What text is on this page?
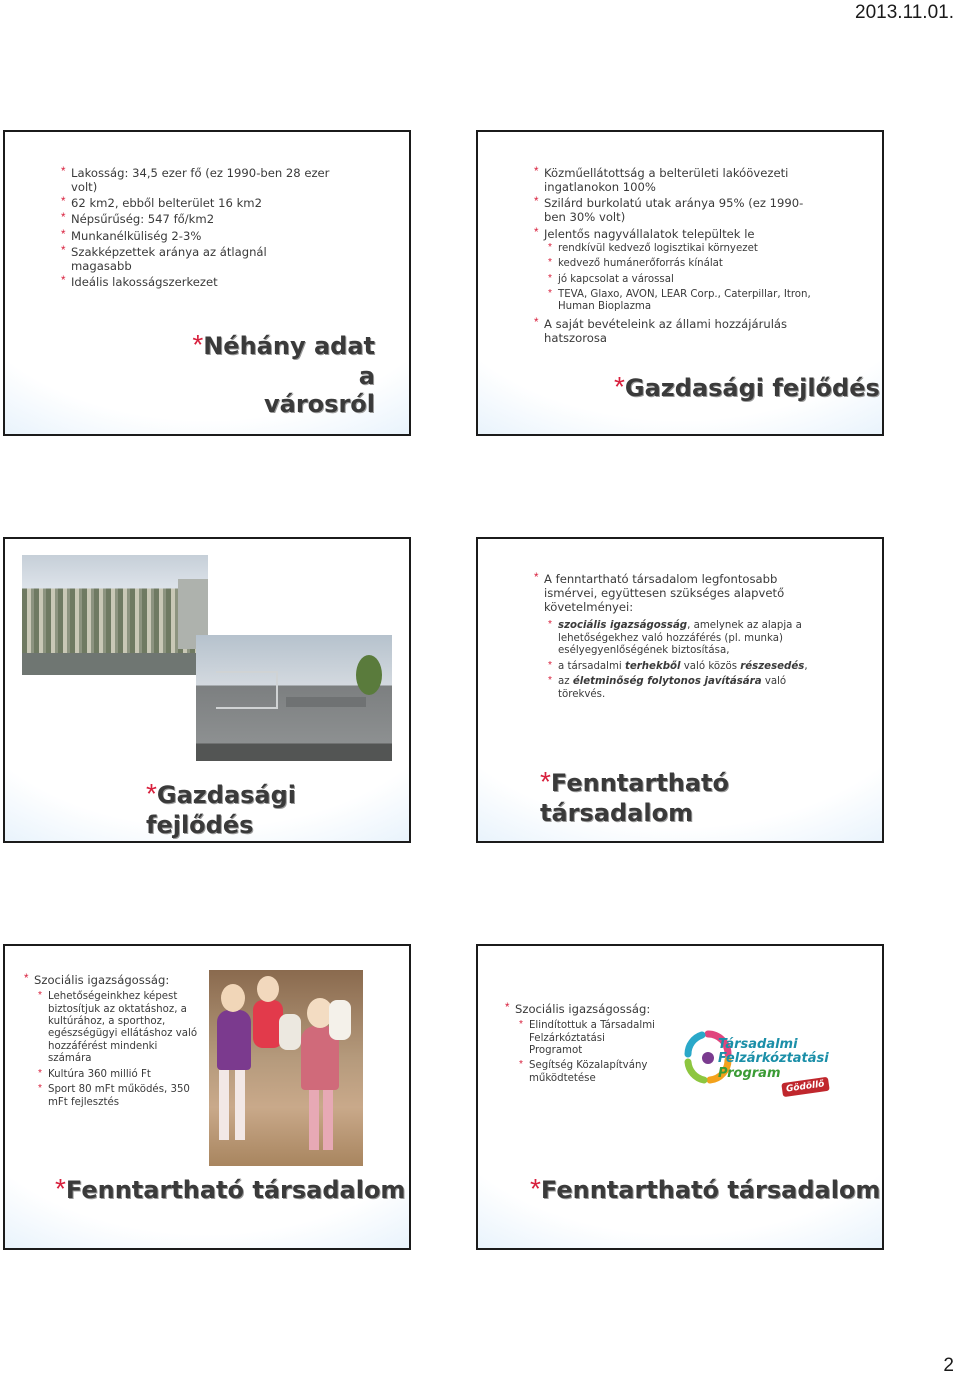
2013.11.01.
* Lakosság: 34,5 ezer fő (ez 1990-ben 28 ezer volt)
* 62 km2, ebből belterület 16 km2
* Népsűrűség: 547 fő/km2
* Munkanélküliség 2-3%
* Szakképzettek aránya az átlagnál magasabb
* Ideális lakosságszerkezet
*Néhány adat a
városról
* Közműellátottság a belterületi lakóövezeti ingatlanokon 100%
* Szilárd burkolatú utak aránya 95% (ez 1990-ben 30% volt)
* Jelentős nagyvállalatok települtek le
* rendkívül kedvező logisztikai környezet
* kedvező humánerőforrás kínálat
* jó kapcsolat a várossal
* TEVA, Glaxo, AVON, LEAR Corp., Caterpillar, Itron, Human Bioplazma
* A saját bevételeink az állami hozzájárulás hatszorosa
*Gazdasági fejlődés
*Gazdasági fejlődés
* A fenntartható társadalom legfontosabb ismérvei, együttesen szükséges alapvető követelményei:
* szociális igazságosság, amelynek az alapja a lehetőségekhez való hozzáférés (pl. munka) esélyegyenlőségének biztosítása,
* a társadalmi terhekből való közös részesedés,
* az életminőség folytonos javítására való törekvés.
*Fenntartható társadalom
* Szociális igazságosság:
* Lehetőségeinkhez képest biztosítjuk az oktatáshoz, a kultúrához, a sporthoz, egészségügyi ellátáshoz való hozzáférést mindenki számára
* Kultúra 360 millió Ft
* Sport 80 mFt működés, 350 mFt fejlesztés
*Fenntartható társadalom
* Szociális igazságosság:
* Elindítottuk a Társadalmi Felzárkóztatási Programot
* Segítség Közalapítvány működtetése
Társadalmi
Felzárkóztatási
Program
Gödöllő
*Fenntartható társadalom
2
